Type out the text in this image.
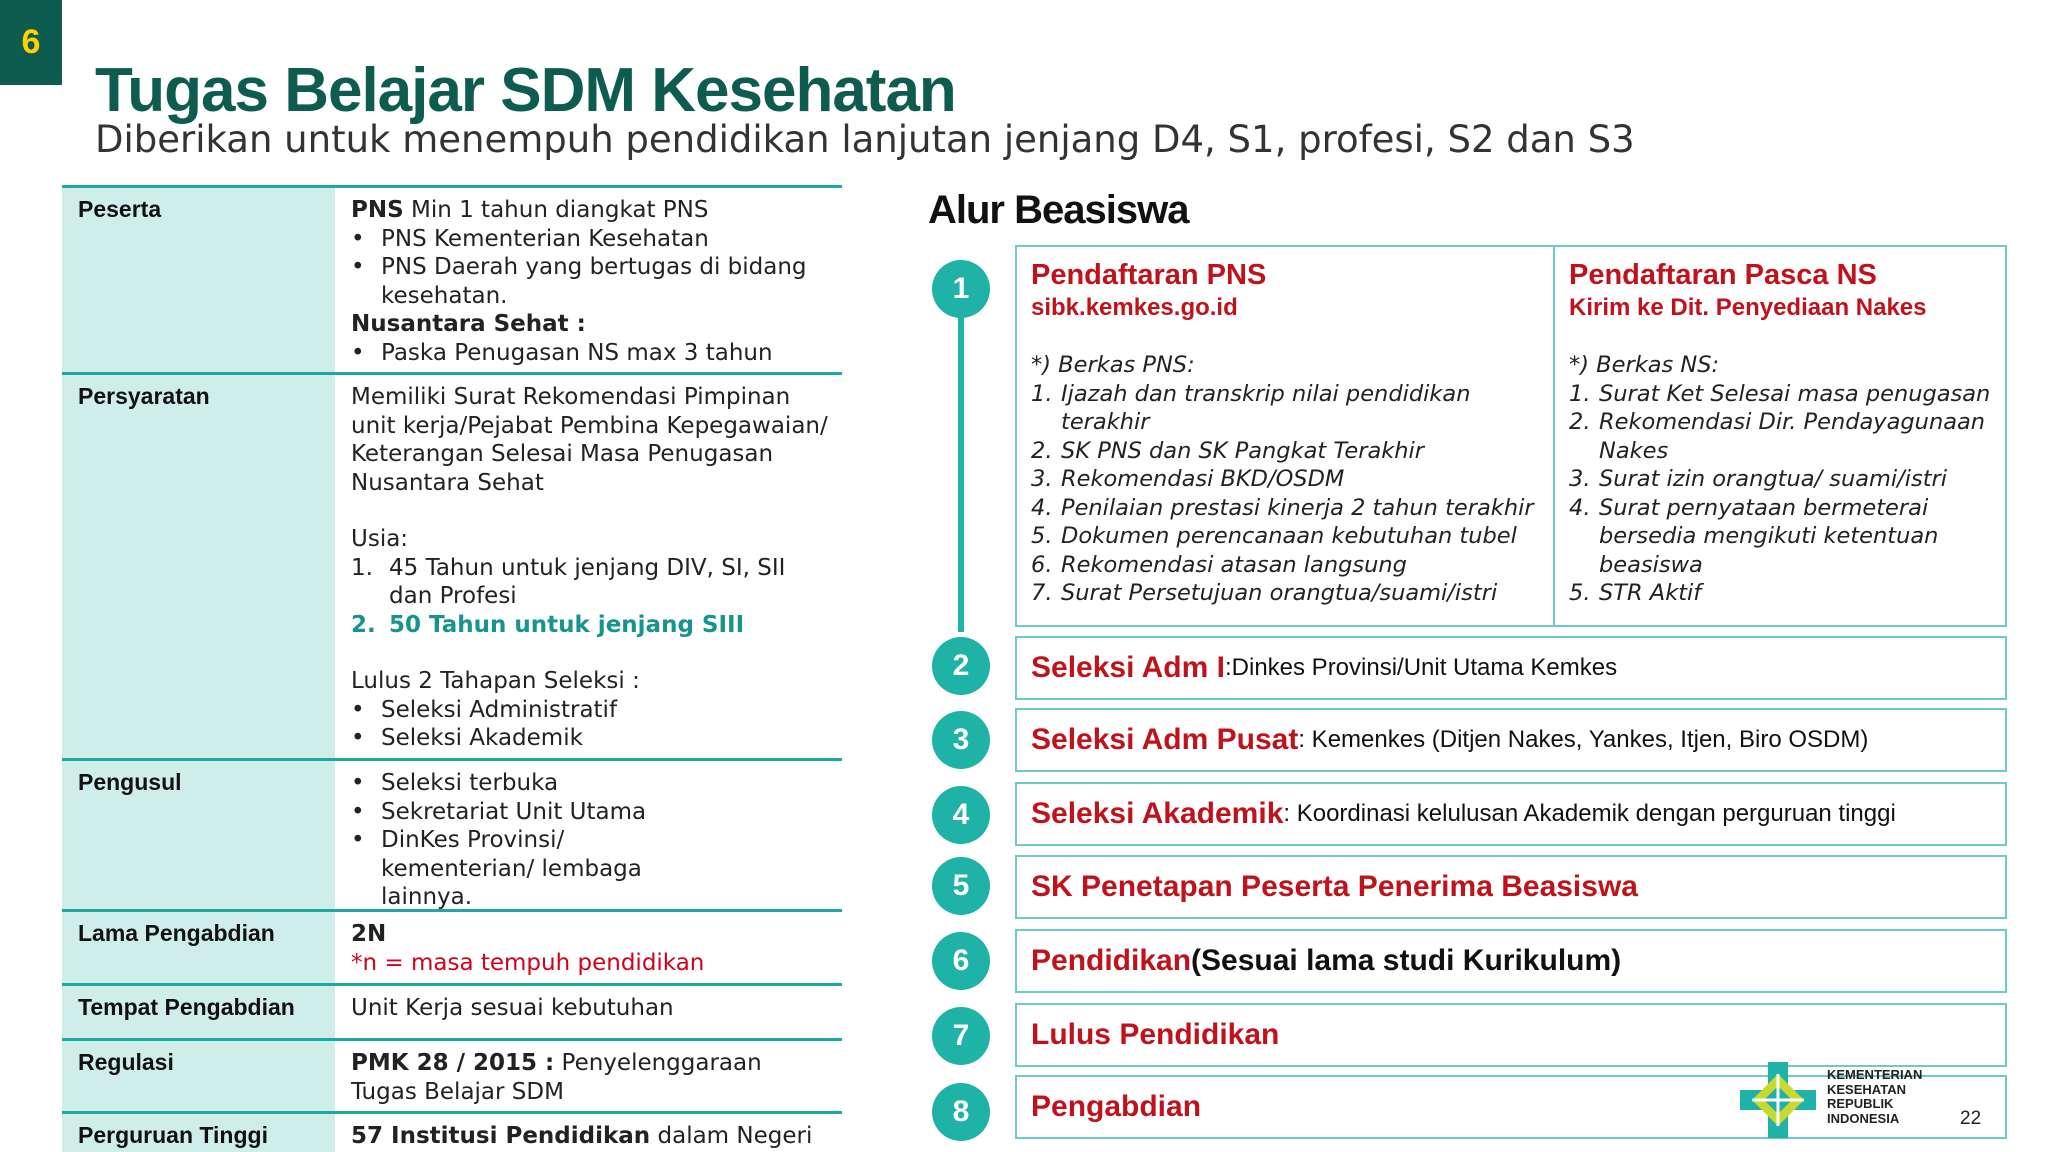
6
Tugas Belajar SDM Kesehatan
Diberikan untuk menempuh pendidikan lanjutan jenjang D4, S1, profesi, S2 dan S3
Peserta	PNS Min 1 tahun diangkat PNS
• PNS Kementerian Kesehatan
• PNS Daerah yang bertugas di bidang kesehatan.
Nusantara Sehat :
• Paska Penugasan NS max 3 tahun
Persyaratan	Memiliki Surat Rekomendasi Pimpinan unit kerja/Pejabat Pembina Kepegawaian/ Keterangan Selesai Masa Penugasan Nusantara Sehat
Usia:
1. 45 Tahun untuk jenjang DIV, SI, SII dan Profesi
2. 50 Tahun untuk jenjang SIII
Lulus 2 Tahapan Seleksi :
• Seleksi Administratif
• Seleksi Akademik
Pengusul
•	Seleksi terbuka
• Sekretariat Unit Utama
• DinKes Provinsi/ kementerian/ lembaga lainnya.
Lama Pengabdian	2N
*n = masa tempuh pendidikan
Tempat Pengabdian	Unit Kerja sesuai kebutuhan
Regulasi	PMK 28 / 2015 : Penyelenggaraan Tugas Belajar SDM
Perguruan Tinggi	57 Institusi Pendidikan dalam Negeri
Alur Beasiswa
1
2
3
4
5
6
7
8
Pendaftaran PNS
sibk.kemkes.go.id
*) Berkas PNS:
1. Ijazah dan transkrip nilai pendidikan terakhir
2. SK PNS dan SK Pangkat Terakhir
3. Rekomendasi BKD/OSDM
4. Penilaian prestasi kinerja 2 tahun terakhir
5. Dokumen perencanaan kebutuhan tubel
6. Rekomendasi atasan langsung
7. Surat Persetujuan orangtua/suami/istri
Pendaftaran Pasca NS
Kirim ke Dit. Penyediaan Nakes
*) Berkas NS:
1. Surat Ket Selesai masa penugasan
2. Rekomendasi Dir. Pendayagunaan Nakes
3. Surat izin orangtua/ suami/istri
4. Surat pernyataan bermeterai bersedia mengikuti ketentuan beasiswa
5. STR Aktif
Seleksi Adm I :Dinkes Provinsi/Unit Utama Kemkes
Seleksi Adm Pusat : Kemenkes (Ditjen Nakes, Yankes, Itjen, Biro OSDM)
Seleksi Akademik : Koordinasi kelulusan Akademik dengan perguruan tinggi
SK Penetapan Peserta Penerima Beasiswa
Pendidikan (Sesuai lama studi Kurikulum)
Lulus Pendidikan
Pengabdian
KEMENTERIAN
KESEHATAN
REPUBLIK
INDONESIA	22
